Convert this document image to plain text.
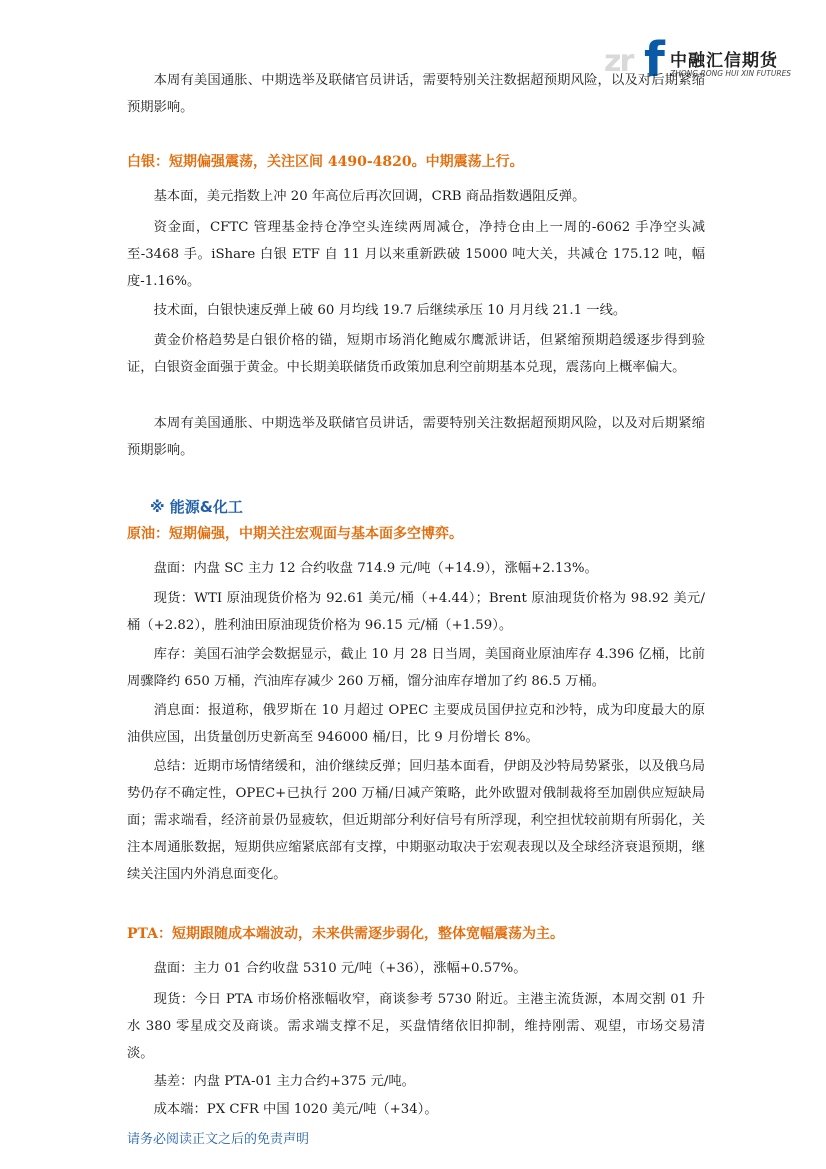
zr f 中融汇信期货
ZHONG RONG HUI XIN FUTURES

本周有美国通胀、中期选举及联储官员讲话，需要特别关注数据超预期风险，以及对后期紧缩预期影响。

白银：短期偏强震荡，关注区间 4490-4820。中期震荡上行。

基本面，美元指数上冲 20 年高位后再次回调，CRB 商品指数遇阻反弹。

资金面，CFTC 管理基金持仓净空头连续两周减仓，净持仓由上一周的-6062 手净空头减至-3468 手。iShare 白银 ETF 自 11 月以来重新跌破 15000 吨大关，共减仓 175.12 吨，幅度-1.16%。

技术面，白银快速反弹上破 60 月均线 19.7 后继续承压 10 月月线 21.1 一线。

黄金价格趋势是白银价格的锚，短期市场消化鲍威尔鹰派讲话，但紧缩预期趋缓逐步得到验证，白银资金面强于黄金。中长期美联储货币政策加息利空前期基本兑现，震荡向上概率偏大。

本周有美国通胀、中期选举及联储官员讲话，需要特别关注数据超预期风险，以及对后期紧缩预期影响。

※ 能源&化工

原油：短期偏强，中期关注宏观面与基本面多空博弈。

盘面：内盘 SC 主力 12 合约收盘 714.9 元/吨（+14.9），涨幅+2.13%。

现货：WTI 原油现货价格为 92.61 美元/桶（+4.44）；Brent 原油现货价格为 98.92 美元/桶（+2.82），胜利油田原油现货价格为 96.15 元/桶（+1.59）。

库存：美国石油学会数据显示，截止 10 月 28 日当周，美国商业原油库存 4.396 亿桶，比前周骤降约 650 万桶，汽油库存减少 260 万桶，馏分油库存增加了约 86.5 万桶。

消息面：报道称，俄罗斯在 10 月超过 OPEC 主要成员国伊拉克和沙特，成为印度最大的原油供应国，出货量创历史新高至 946000 桶/日，比 9 月份增长 8%。

总结：近期市场情绪缓和，油价继续反弹；回归基本面看，伊朗及沙特局势紧张，以及俄乌局势仍存不确定性，OPEC+已执行 200 万桶/日减产策略，此外欧盟对俄制裁将至加剧供应短缺局面；需求端看，经济前景仍显疲软，但近期部分利好信号有所浮现，利空担忧较前期有所弱化，关注本周通胀数据，短期供应缩紧底部有支撑，中期驱动取决于宏观表现以及全球经济衰退预期，继续关注国内外消息面变化。

PTA：短期跟随成本端波动，未来供需逐步弱化，整体宽幅震荡为主。

盘面：主力 01 合约收盘 5310 元/吨（+36），涨幅+0.57%。

现货：今日 PTA 市场价格涨幅收窄，商谈参考 5730 附近。主港主流货源，本周交割 01 升水 380 零星成交及商谈。需求端支撑不足，买盘情绪依旧抑制，维持刚需、观望，市场交易清淡。

基差：内盘 PTA-01 主力合约+375 元/吨。

成本端：PX CFR 中国 1020 美元/吨（+34）。

请务必阅读正文之后的免责声明
